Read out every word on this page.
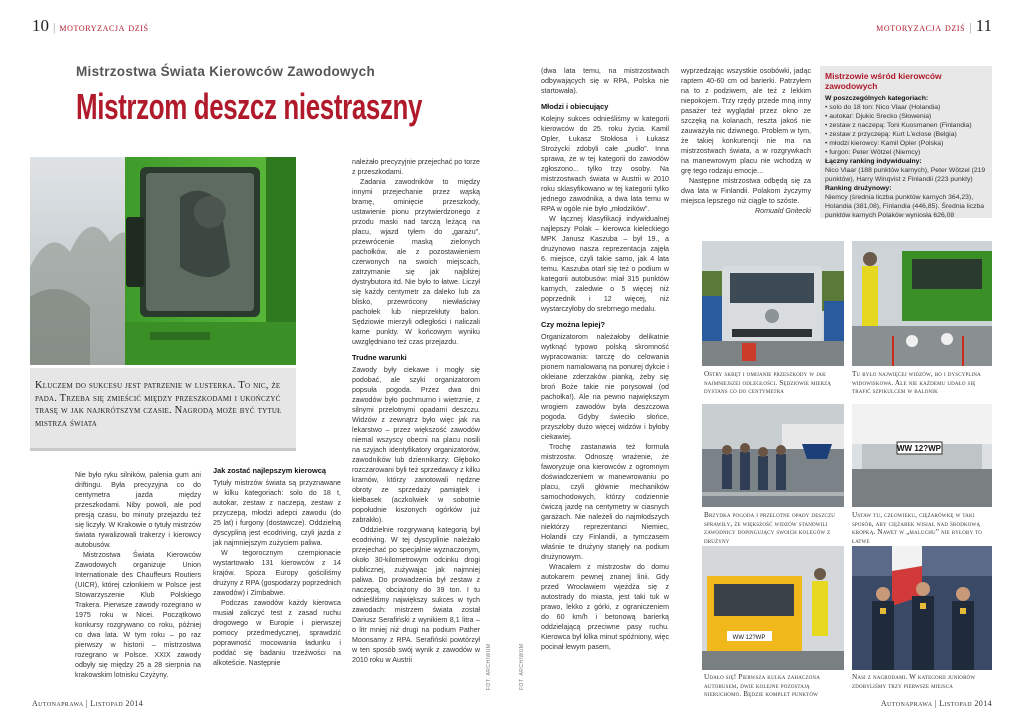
10 | motoryzacja dziś	motoryzacja dziś | 11
Mistrzostwa Świata Kierowców Zawodowych
Mistrzom deszcz niestraszny
Kluczem do sukcesu jest patrzenie w lusterka. To nic, że pada. Trzeba się zmieścić między przeszkodami i ukończyć trasę w jak najkrótszym czasie. Nagrodą może być tytuł mistrza świata

Nie było ryku silników, palenia gum ani driftingu. Była precyzyjna co do centymetra jazda między przeszkodami. Niby powoli, ale pod presją czasu, bo minuty przejazdu też się liczyły. W Krakowie o tytuły mistrzów świata rywalizowali trakerzy i kierowcy autobusów.

Mistrzostwa Świata Kierowców Zawodowych organizuje Union Internationale des Chauffeurs Routiers (UICR), której członkiem w Polsce jest Stowarzyszenie Klub Polskiego Trakera. Pierwsze zawody rozegrano w 1975 roku w Nicei. Początkowo konkursy rozgrywano co roku, później co dwa lata. W tym roku – po raz pierwszy w historii – mistrzostwa rozegrano w Polsce. XXIX zawody odbyły się między 25 a 28 sierpnia na krakowskim lotnisku Czyżyny.

Jak zostać najlepszym kierowcą

Tytuły mistrzów świata są przyznawane w kilku kategoriach: solo do 18 t, autokar, zestaw z naczepą, zestaw z przyczepą, młodzi adepci zawodu (do 25 lat) i furgony (dostawcze). Oddzielną dyscypliną jest ecodriving, czyli jazda z jak najmniejszym zużyciem paliwa.

W tegorocznym czempionacie wystartowało 131 kierowców z 14 krajów. Spoza Europy gościliśmy drużyny z RPA (gospodarzy poprzednich zawodów) i Zimbabwe.

Podczas zawodów każdy kierowca musiał zaliczyć test z zasad ruchu drogowego w Europie i pierwszej pomocy przedmedycznej, sprawdzić poprawność mocowania ładunku i poddać się badaniu trzeźwości na alkoteście. Następnie

należało precyzyjnie przejechać po torze z przeszkodami.

Zadania zawodników to między innymi przejechanie przez wąską bramę, ominięcie przeszkody, ustawienie pionu przytwierdzonego z przodu maski nad tarczą leżącą na placu, wjazd tyłem do „garażu”, przewrócenie maską zielonych pachołków, ale z pozostawieniem czerwonych na swoich miejscach, zatrzymanie się jak najbliżej dystrybutora itd. Nie było to łatwe. Liczył się każdy centymetr za daleko lub za blisko, przewrócony niewłaściwy pachołek lub nieprzekłuty balon. Sędziowie mierzyli odległości i naliczali karne punkty. W końcowym wyniku uwzględniano też czas przejazdu.

Trudne warunki

Zawody były ciekawe i mogły się podobać, ale szyki organizatorom popsuła pogoda. Przez dwa dni zawodów było pochmurno i wietrznie, z silnymi przelotnymi opadami deszczu. Widzów z zewnątrz było więc jak na lekarstwo – przez większość zawodów niemal wszyscy obecni na placu nosili na szyjach identyfikatory organizatorów, zawodników lub dziennikarzy. Głęboko rozczarowani byli też sprzedawcy z kilku kramów, którzy zanotowali nędzne obroty ze sprzedaży pamiątek i kiełbasek (aczkolwiek w sobotnie popołudnie kiszonych ogórków już zabrakło).

Oddzielnie rozgrywaną kategorią był ecodriving. W tej dyscyplinie należało przejechać po specjalnie wyznaczonym, około 30-kilometrowym odcinku drogi publicznej, zużywając jak najmniej paliwa. Do prowadzenia był zestaw z naczepą, obciążony do 39 ton. I tu odnieśliśmy największy sukces w tych zawodach: mistrzem świata został Dariusz Serafiński z wynikiem 8,1 litra – o litr mniej niż drugi na podium Pather Moonsamy z RPA. Serafiński powtórzył w ten sposób swój wynik z zawodów w 2010 roku w Austrii	FOT. ARCHIWUM	FOT. ARCHIWUM

(dwa lata temu, na mistrzostwach odbywających się w RPA, Polska nie startowała).

Młodzi i obiecujący

Kolejny sukces odnieśliśmy w kategorii kierowców do 25. roku życia. Kamil Opler, Łukasz Stokłosa i Łukasz Strożycki zdobyli całe „pudło”. Inna sprawa, że w tej kategorii do zawodów zgłoszono... tylko trzy osoby. Na mistrzostwach świata w Austrii w 2010 roku sklasyfikowano w tej kategorii tylko jednego zawodnika, a dwa lata temu w RPA w ogóle nie było „młodzików”.

W łącznej klasyfikacji indywidualnej najlepszy Polak – kierowca kieleckiego MPK Janusz Kaszuba – był 19., a drużynowo nasza reprezentacja zajęła 6. miejsce, czyli takie samo, jak 4 lata temu. Kaszuba otarł się też o podium w kategorii autobusów: miał 315 punktów karnych, zaledwie o 5 więcej niż poprzednik i 12 więcej, niż wystarczyłoby do srebrnego medalu.

Czy można lepiej?

Organizatorom należałoby delikatnie wytknąć typowo polską skromność wypracowania: tarczę do celowania pionem namalowaną na ponurej dykcie i okleiane zderzaków pianką, żeby się broń Boże takie nie porysował (od pachołka!). Ale na pewno największym wrogiem zawodów była deszczowa pogoda. Gdyby świeciło słońce, przyszłoby dużo więcej widzów i byłoby ciekawiej.

Trochę zastanawia też formuła mistrzostw. Odnoszę wrażenie, że faworyzuje ona kierowców z ogromnym doświadczeniem w manewrowaniu po placu, czyli głównie mechaników samochodowych, którzy codziennie ćwiczą jazdę na centymetry w ciasnych garażach. Nie należeli do najmłodszych niektórzy reprezentanci Niemiec, Holandii czy Finlandii, a tymczasem właśnie te drużyny stanęły na podium drużynowym.

Wracałem z mistrzostw do domu autokarem pewnej znanej linii. Gdy przed Wrocławiem wjeżdża się z autostrady do miasta, jest taki tuk w prawo, lekko z górki, z ograniczeniem do 60 km/h i betonową barierką oddzielającą przeciwne pasy ruchu. Kierowca był kilka minut spóźniony, więc pocinał lewym pasem,

wyprzedzając wszystkie osobówki, jadąc raptem 40-60 cm od barierki. Patrzyłem na to z podziwem, ale też z lekkim niepokojem. Trzy rzędy przede mną inny pasażer też wyglądał przez okno ze szczęką na kolanach, reszta jakoś nie zauważyła nic dziwnego. Problem w tym, że takiej konkurencji nie ma na mistrzostwach świata, a w rozgrywkach na manewrowym placu nie wchodzą w grę tego rodzaju emocje...

Następne mistrzostwa odbędą się za dwa lata w Finlandii. Polakom życzymy miejsca lepszego niż ciągle to szóste.

Romuald Gnitecki
Mistrzowie wśród kierowców zawodowych
W poszczególnych kategoriach:
• solo do 18 ton: Nico Vlaar (Holandia)
• autokar: Djukic Srecko (Słowenia)
• zestaw z naczepą: Toni Kuosmanen (Finlandia)
• zestaw z przyczepą: Kurt L'eclose (Belgia)
• młodzi kierowcy: Kamil Opler (Polska)
• furgon: Peter Wötzel (Niemcy)
Łączny ranking indywidualny:
Nico Vlaar (188 punktów karnych), Peter Wötzel (219 punktów), Harry Winqvist z Finlandii (223 punkty)
Ranking drużynowy:
Niemcy (średnia liczba punktów karnych 364,23), Holandia (381,08), Finlandia (446,85). Średnia liczba punktów karnych Polaków wyniosła 626,08
Ostry skręt i omijanie przeszkody w jak najmniejszej odległości. Sędziowie mierzą dystans co do centymetra
Tu było najwięcej widzów, bo i dyscyplina widowiskowa. Ale nie każdemu udało się trafić szpikulcem w balonik
Brzydka pogoda i przelotne opady deszczu sprawiły, że większość widzów stanowili zawodnicy dopingujący swoich kolegów z drużyny
WW 12?WP
Ustaw tu, człowieku, ciężarówkę w taki sposób, aby ciężarek wisiał nad środkową kropką. Nawet w „maluchu” nie byłoby to łatwe
WW 12?WP
Udało się! Pierwsza kulka zahaczona autobusem, dwie kolejne pozostają nieruchomo. Będzie komplet punktów
Nasi z nagrodami. W kategorii juniorów zdobyliśmy trzy pierwsze miejsca
Autonaprawa | Listopad 2014	Autonaprawa | Listopad 2014
